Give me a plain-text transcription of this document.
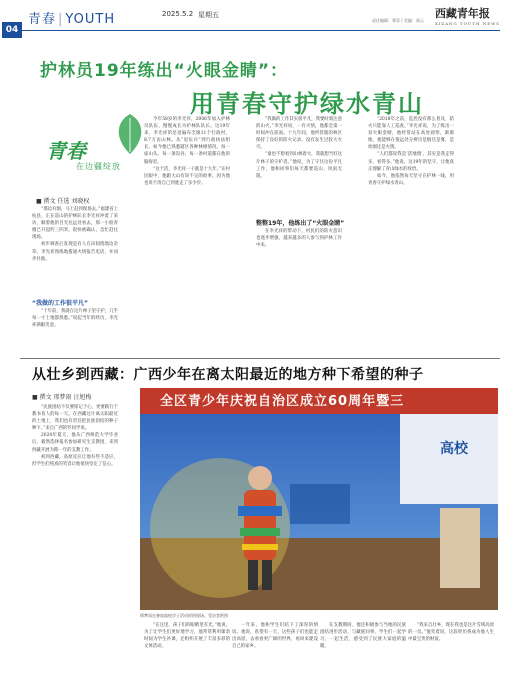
青春 | YOUTH	2025.5.2 星期五
责任编辑：郑菲 / 美编：郭云
西藏青年报
XIZANG YOUTH NEWS
04
护林员19年练出“火眼金睛”：
用青春守护绿水青山
青春
在边疆绽放
■ 撰文 任选 刘晓权

“那边有烟，马上赶到现场去。”福建省上杭县，正在巡山的护林队长李光祥冲着了采访，顺着他的目光往远处看去，那一小股青烟已升起约三四米，很快被确认，急忙赶往现场。

初步调查后发现是有人在田间烧地边杂草。李光祥熟练地拨通火情报告电话，并同步扑救。

“我做的工作很平凡”

“十年前，我就在这片林子里守护，几乎每一寸土地都熟悉。”说起当年的经历，李光祥满眼笑意。

今年58岁的李光祥，2006年加入护林员队伍，慢慢成长为护林队队长。这19年来，李光祥的足迹遍布全镇11个行政村，8.7万亩山林。从“退伍兵”到行政执法组长，如今他已熟悉辖区各种林相情况，每一座山头、每一条沟谷、每一条村道都在他的脑海里。

“这个活，李光祥一干就是十九年。”在村民眼中，他跟大山有说不完的故事，因为他也说不清自己到底走了多少步。

“我做的工作其实很平凡，我要时刻注意的山火。”李光祥说，一有火情，他都会第一时间冲在前面。十九年间，他所管辖的林区保持了良好的防火记录，没有发生过较大火灾。

“谁也不想看到山林着火，我就想当好这片林子的守护者。”他说，为了守住这份平凡工作，他和同事们每天都要巡山，风雨无阻。

整整19年，他练出了“火眼金睛”

在李光祥的带动下，村民们的防火意识也逐步增强，越来越多的人参与到护林工作中来。

“2018年之前，监控没有那么普及，防火只能靠人工巡查。”李光祥说，为了练出一双火眼金睛，他经常站在高处观察，渐渐地，他能够在很远处分辨出是烟还是雾，是炊烟还是火情。

“人们都说我是‘活地图’，其实是我走得多，看得多。”他说，这19年的坚守，让他真正理解了青山绿水的珍贵。

如今，他依然每天坚守在护林一线，用青春守护绿水青山。

从壮乡到西藏：广西少年在离太阳最近的地方种下希望的种子
■ 撰文 邢梦雨 汪旭梅

“民族团结不仅要铭记于心，更要践行于教书育人的每一天。在西藏这片离太阳最近的土地上，我们也有责任把民族团结的种子种下。”来自广西的罗同学说。

2024年夏天，他从广西师范大学毕业后，毅然选择报名参加研究生支教团，来到西藏开展为期一年的支教工作。

初到西藏，高原反应让他有些不适应，但学生们纯真的笑容让他很快坚定了信心。

全区青少年庆祝自治区成立60周年暨三
高校
邢梦雨在参加高校学子活动时的现场。受访者供图

“在这里，孩子们的眼睛里有光。”他说，为了让学生们更好地学习，他常常利用课余时间为学生补课，还组织开展了丰富多彩的文体活动。

一年来，他和学生们结下了深厚的情谊。他说，希望有一天，这些孩子们也能走出高原，去看看更广阔的世界，再回来建设自己的家乡。

在支教期间，他还积极参与当地的民族团结进步活动，与藏族同事、学生们一起学习、一起生活，感受到了民族大家庭的温暖。

“我来自壮乡，现在我也是这片雪域高原的一员。”他笑着说，这段经历将成为他人生中最宝贵的财富。
